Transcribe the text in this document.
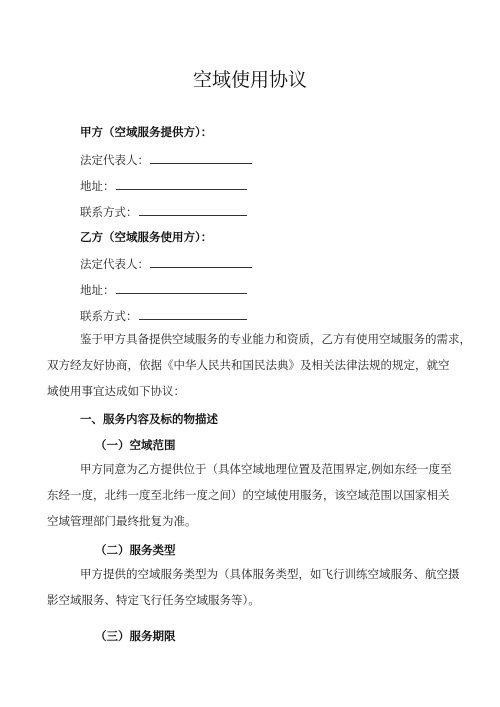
空域使用协议
甲方（空域服务提供方）：
法定代表人：
地址：
联系方式：
乙方（空域服务使用方）：
法定代表人：
地址：
联系方式：
鉴于甲方具备提供空域服务的专业能力和资质，乙方有使用空域服务的需求，
双方经友好协商，依据《中华人民共和国民法典》及相关法律法规的规定，就空
域使用事宜达成如下协议：
一、服务内容及标的物描述
（一）空域范围
甲方同意为乙方提供位于（具体空域地理位置及范围界定,例如东经一度至
东经一度，北纬一度至北纬一度之间）的空域使用服务，该空域范围以国家相关
空域管理部门最终批复为准。
（二）服务类型
甲方提供的空域服务类型为（具体服务类型，如飞行训练空域服务、航空摄
影空域服务、特定飞行任务空域服务等）。
（三）服务期限
